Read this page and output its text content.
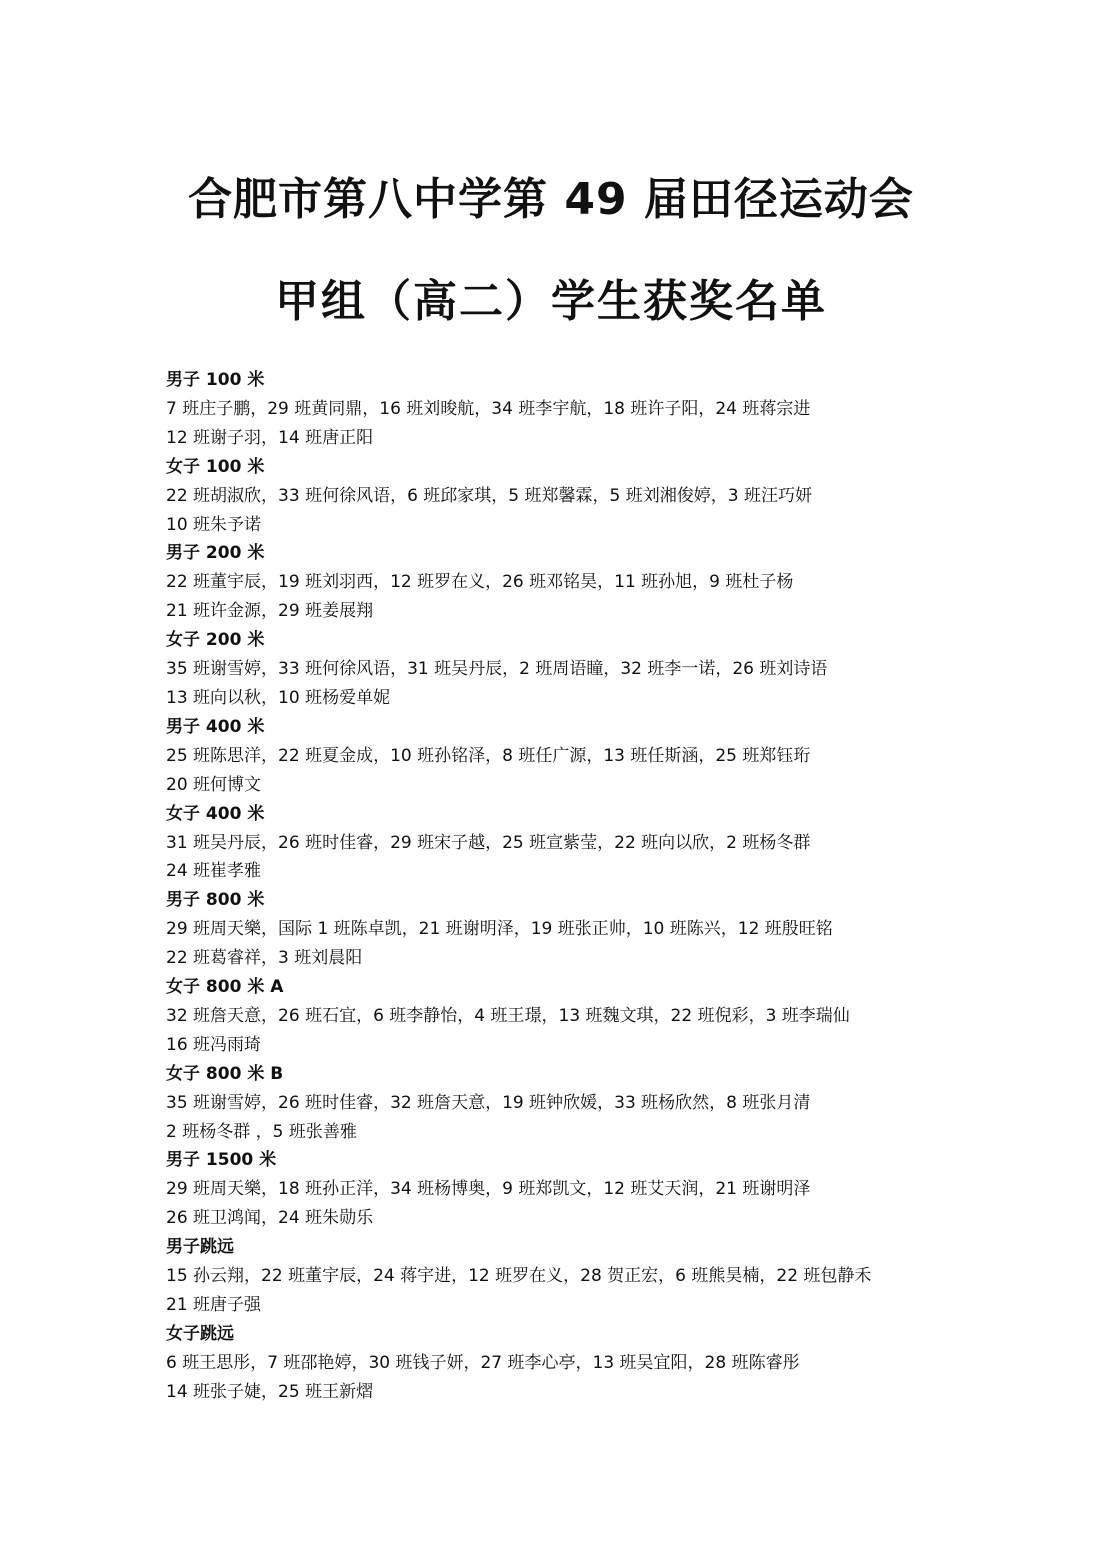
合肥市第八中学第 49 届田径运动会
甲组（高二）学生获奖名单
男子 100 米
7 班庄子鹏，29 班黄同鼎，16 班刘晙航，34 班李宇航，18 班许子阳，24 班蒋宗进
12 班谢子羽，14 班唐正阳
女子 100 米
22 班胡淑欣，33 班何徐风语，6 班邱家琪，5 班郑馨霖，5 班刘湘俊婷，3 班汪巧妍
10 班朱予诺
男子 200 米
22 班董宇辰，19 班刘羽西，12 班罗在义，26 班邓铭昊，11 班孙旭，9 班杜子杨
21 班许金源，29 班姜展翔
女子 200 米
35 班谢雪婷，33 班何徐风语，31 班吴丹辰，2 班周语瞳，32 班李一诺，26 班刘诗语
13 班向以秋，10 班杨爱单妮
男子 400 米
25 班陈思洋，22 班夏金成，10 班孙铭泽，8 班任广源，13 班任斯涵，25 班郑钰珩
20 班何博文
女子 400 米
31 班吴丹辰，26 班时佳睿，29 班宋子越，25 班宣紫莹，22 班向以欣，2 班杨冬群
24 班崔孝雅
男子 800 米
29 班周天樂，国际 1 班陈卓凯，21 班谢明泽，19 班张正帅，10 班陈兴，12 班殷旺铭
22 班葛睿祥，3 班刘晨阳
女子 800 米 A
32 班詹天意，26 班石宜，6 班李静怡，4 班王璟，13 班魏文琪，22 班倪彩，3 班李瑞仙
16 班冯雨琦
女子 800 米 B
35 班谢雪婷，26 班时佳睿，32 班詹天意，19 班钟欣媛，33 班杨欣然，8 班张月清
2 班杨冬群 ，5 班张善雅
男子 1500 米
29 班周天樂，18 班孙正洋，34 班杨博奥，9 班郑凯文，12 班艾天润，21 班谢明泽
26 班卫鸿闻，24 班朱勋乐
男子跳远
15 孙云翔，22 班董宇辰，24 蒋宇进，12 班罗在义，28 贺正宏，6 班熊昊楠，22 班包静禾
21 班唐子强
女子跳远
6 班王思彤，7 班邵艳婷，30 班钱子妍，27 班李心亭，13 班吴宜阳，28 班陈睿彤
14 班张子婕，25 班王新熠
